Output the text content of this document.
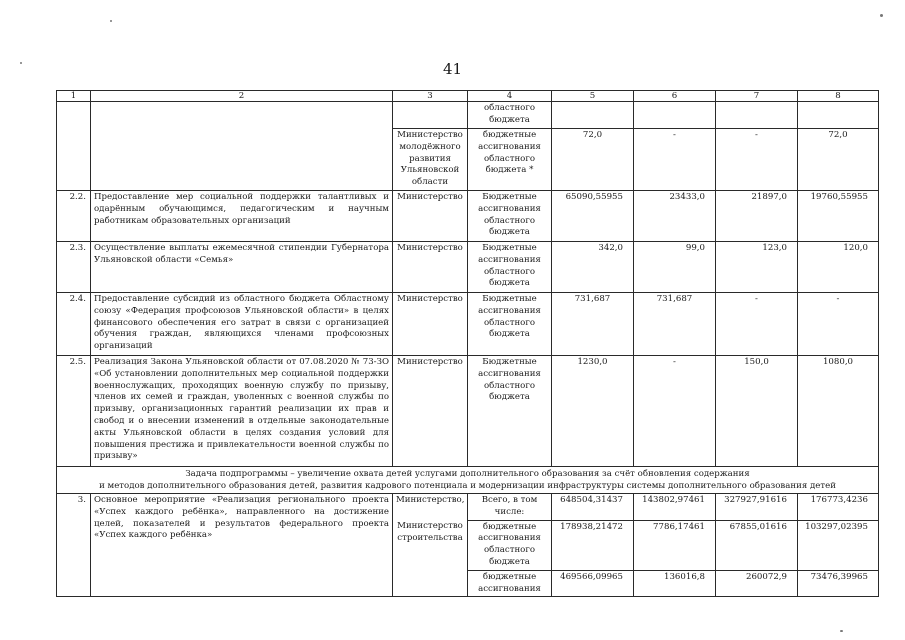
41
1	2	3	4	5	6	7	8
			областного бюджета				
		Министерство молодёжного развития Ульяновской области	бюджетные ассигнования областного бюджета *	72,0	-	-	72,0
2.2.	Предоставление мер социальной поддержки талантливых и одарённым обучающимся, педагогическим и научным работникам образовательных организаций	Министерство	Бюджетные ассигнования областного бюджета	65090,55955	23433,0	21897,0	19760,55955
2.3.	Осуществление выплаты ежемесячной стипендии Губернатора Ульяновской области «Семья»	Министерство	Бюджетные ассигнования областного бюджета	342,0	99,0	123,0	120,0
2.4.	Предоставление субсидий из областного бюджета Областному союзу «Федерация профсоюзов Ульяновской области» в целях финансового обеспечения его затрат в связи с организацией обучения граждан, являющихся членами профсоюзных организаций	Министерство	Бюджетные ассигнования областного бюджета	731,687	731,687	-	-
2.5.	Реализация Закона Ульяновской области от 07.08.2020 № 73-ЗО «Об установлении дополнительных мер социальной поддержки военнослужащих, проходящих военную службу по призыву, членов их семей и граждан, уволенных с военной службы по призыву, организационных гарантий реализации их прав и свобод и о внесении изменений в отдельные законодательные акты Ульяновской области в целях создания условий для повышения престижа и привлекательности военной службы по призыву»	Министерство	Бюджетные ассигнования областного бюджета	1230,0	-	150,0	1080,0

Задача подпрограммы – увеличение охвата детей услугами дополнительного образования за счёт обновления содержания
и методов дополнительного образования детей, развития кадрового потенциала и модернизации инфраструктуры системы дополнительного образования детей							

3.	Основное мероприятие «Реализация регионального проекта «Успех каждого ребёнка», направленного на достижение целей, показателей и результатов федерального проекта «Успех каждого ребёнка»	Министерство,	Всего, в том числе:	648504,31437	143802,97461	327927,91616	176773,4236
		Министерство строительства	бюджетные ассигнования областного бюджета	178938,21472	7786,17461	67855,01616	103297,02395
			бюджетные ассигнования	469566,09965	136016,8	260072,9	73476,39965
